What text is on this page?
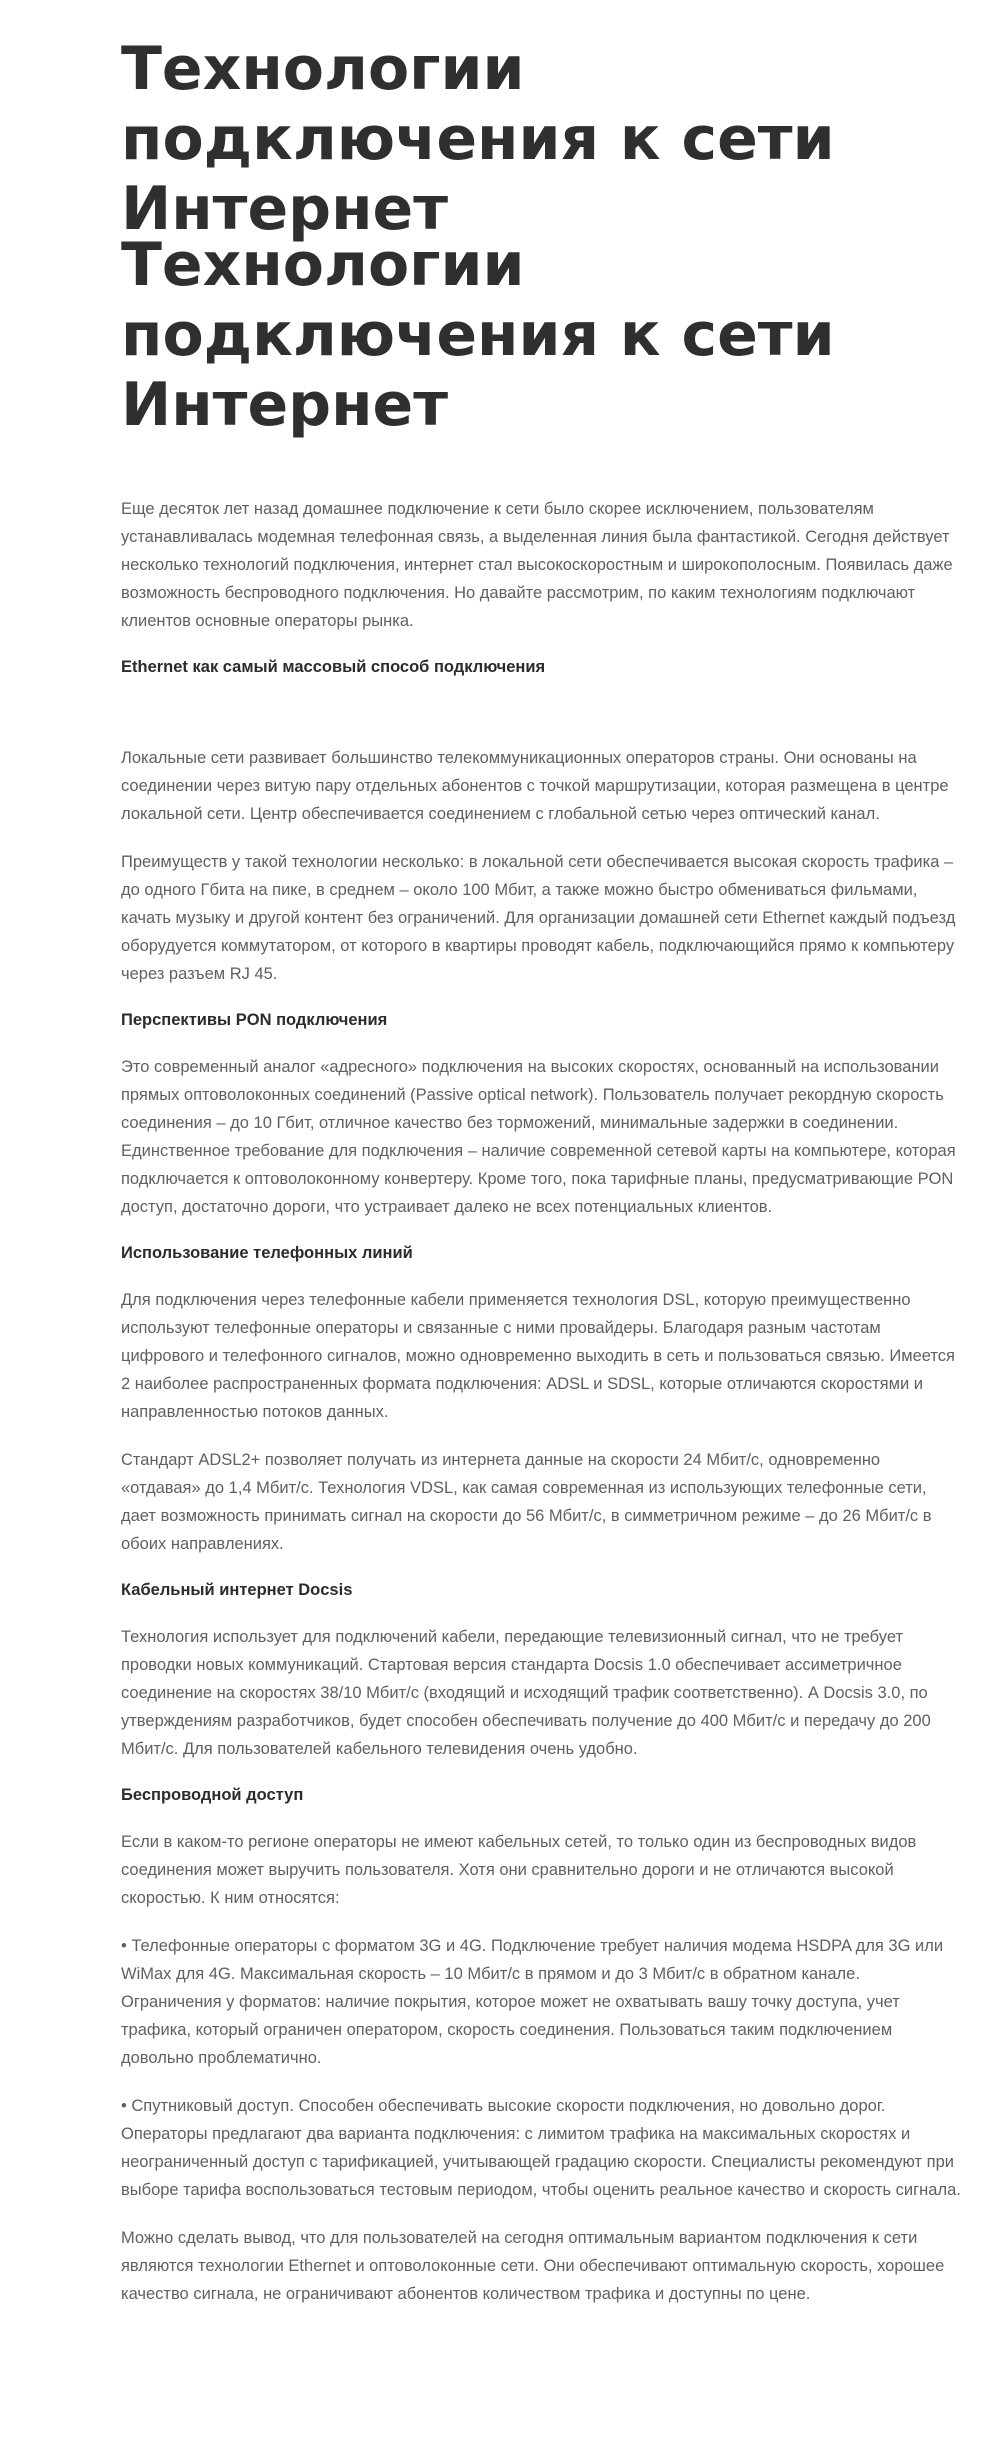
Технологии подключения к сети Интернет
Технологии подключения к сети Интернет

Еще десяток лет назад домашнее подключение к сети было скорее исключением, пользователям устанавливалась модемная телефонная связь, а выделенная линия была фантастикой. Сегодня действует несколько технологий подключения, интернет стал высокоскоростным и широкополосным. Появилась даже возможность беспроводного подключения. Но давайте рассмотрим, по каким технологиям подключают клиентов основные операторы рынка.

Ethernet как самый массовый способ подключения

Локальные сети развивает большинство телекоммуникационных операторов страны. Они основаны на соединении через витую пару отдельных абонентов с точкой маршрутизации, которая размещена в центре локальной сети. Центр обеспечивается соединением с глобальной сетью через оптический канал.

Преимуществ у такой технологии несколько: в локальной сети обеспечивается высокая скорость трафика – до одного Гбита на пике, в среднем – около 100 Мбит, а также можно быстро обмениваться фильмами, качать музыку и другой контент без ограничений. Для организации домашней сети Ethernet каждый подъезд оборудуется коммутатором, от которого в квартиры проводят кабель, подключающийся прямо к компьютеру через разъем RJ 45.

Перспективы PON подключения

Это современный аналог «адресного» подключения на высоких скоростях, основанный на использовании прямых оптоволоконных соединений (Passive optical network). Пользователь получает рекордную скорость соединения – до 10 Гбит, отличное качество без торможений, минимальные задержки в соединении. Единственное требование для подключения – наличие современной сетевой карты на компьютере, которая подключается к оптоволоконному конвертеру. Кроме того, пока тарифные планы, предусматривающие PON доступ, достаточно дороги, что устраивает далеко не всех потенциальных клиентов.

Использование телефонных линий

Для подключения через телефонные кабели применяется технология DSL, которую преимущественно используют телефонные операторы и связанные с ними провайдеры. Благодаря разным частотам цифрового и телефонного сигналов, можно одновременно выходить в сеть и пользоваться связью. Имеется 2 наиболее распространенных формата подключения: ADSL и SDSL, которые отличаются скоростями и направленностью потоков данных.

Стандарт ADSL2+ позволяет получать из интернета данные на скорости 24 Мбит/с, одновременно «отдавая» до 1,4 Мбит/с. Технология VDSL, как самая современная из использующих телефонные сети, дает возможность принимать сигнал на скорости до 56 Мбит/с, в симметричном режиме – до 26 Мбит/с в обоих направлениях.

Кабельный интернет Docsis

Технология использует для подключений кабели, передающие телевизионный сигнал, что не требует проводки новых коммуникаций. Стартовая версия стандарта Docsis 1.0 обеспечивает ассиметричное соединение на скоростях 38/10 Мбит/с (входящий и исходящий трафик соответственно). А Docsis 3.0, по утверждениям разработчиков, будет способен обеспечивать получение до 400 Мбит/с и передачу до 200 Мбит/с. Для пользователей кабельного телевидения очень удобно.

Беспроводной доступ

Если в каком-то регионе операторы не имеют кабельных сетей, то только один из беспроводных видов соединения может выручить пользователя. Хотя они сравнительно дороги и не отличаются высокой скоростью. К ним относятся:

• Телефонные операторы с форматом 3G и 4G. Подключение требует наличия модема HSDPA для 3G или WiMax для 4G. Максимальная скорость – 10 Мбит/с в прямом и до 3 Мбит/с в обратном канале. Ограничения у форматов: наличие покрытия, которое может не охватывать вашу точку доступа, учет трафика, который ограничен оператором, скорость соединения. Пользоваться таким подключением довольно проблематично.

• Спутниковый доступ. Способен обеспечивать высокие скорости подключения, но довольно дорог. Операторы предлагают два варианта подключения: с лимитом трафика на максимальных скоростях и неограниченный доступ с тарификацией, учитывающей градацию скорости. Специалисты рекомендуют при выборе тарифа воспользоваться тестовым периодом, чтобы оценить реальное качество и скорость сигнала.

Можно сделать вывод, что для пользователей на сегодня оптимальным вариантом подключения к сети являются технологии Ethernet и оптоволоконные сети. Они обеспечивают оптимальную скорость, хорошее качество сигнала, не ограничивают абонентов количеством трафика и доступны по цене.
